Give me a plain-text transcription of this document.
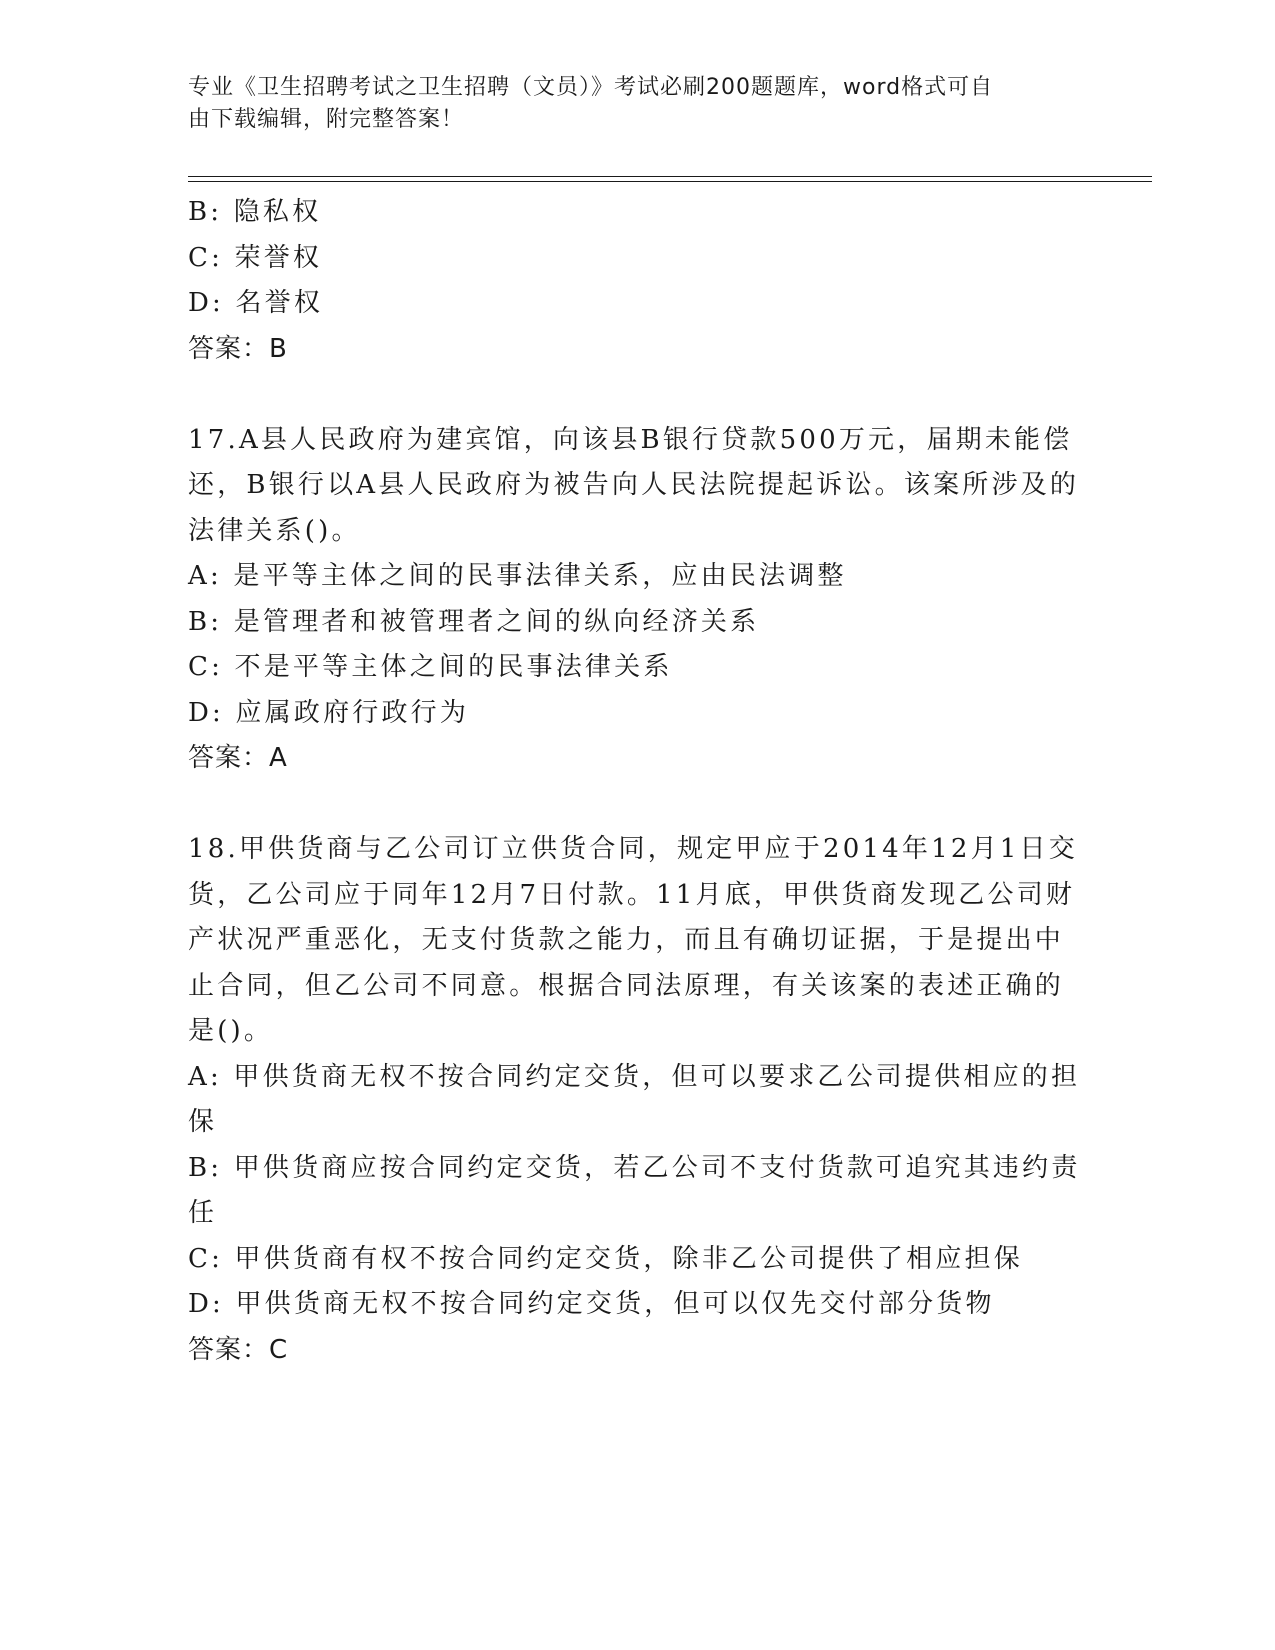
专业《卫生招聘考试之卫生招聘（文员）》考试必刷200题题库，word格式可自
由下载编辑，附完整答案！
B: 隐私权
C: 荣誉权
D: 名誉权
答案：B
17.A县人民政府为建宾馆，向该县B银行贷款500万元，届期未能偿
还，B银行以A县人民政府为被告向人民法院提起诉讼。该案所涉及的
法律关系()。
A: 是平等主体之间的民事法律关系，应由民法调整
B: 是管理者和被管理者之间的纵向经济关系
C: 不是平等主体之间的民事法律关系
D: 应属政府行政行为
答案：A
18.甲供货商与乙公司订立供货合同，规定甲应于2014年12月1日交
货，乙公司应于同年12月7日付款。11月底，甲供货商发现乙公司财
产状况严重恶化，无支付货款之能力，而且有确切证据，于是提出中
止合同，但乙公司不同意。根据合同法原理，有关该案的表述正确的
是()。
A: 甲供货商无权不按合同约定交货，但可以要求乙公司提供相应的担
保
B: 甲供货商应按合同约定交货，若乙公司不支付货款可追究其违约责
任
C: 甲供货商有权不按合同约定交货，除非乙公司提供了相应担保
D: 甲供货商无权不按合同约定交货，但可以仅先交付部分货物
答案：C
